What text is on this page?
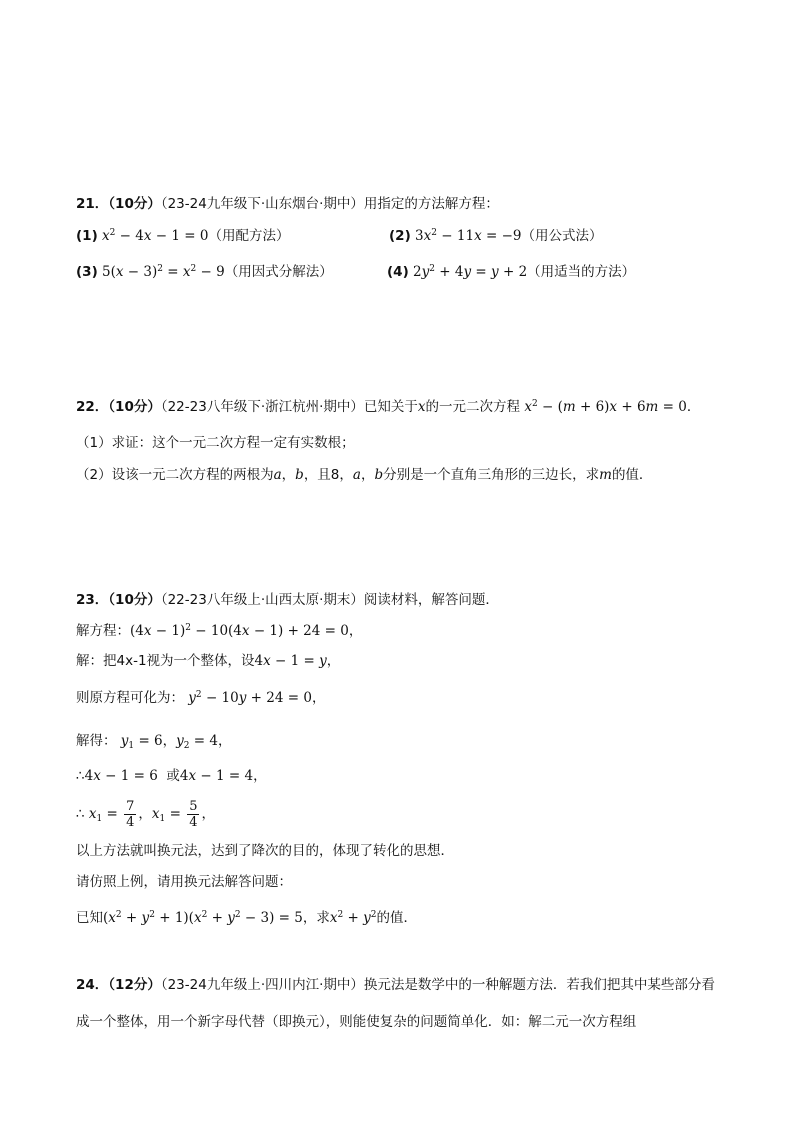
21．（10分）（23-24九年级下·山东烟台·期中）用指定的方法解方程：
(1) $x^2 - 4x - 1 = 0$（用配方法）	(2) $3x^2 - 11x = -9$（用公式法）
(3) $5(x - 3)^2 = x^2 - 9$（用因式分解法）	(4) $2y^2 + 4y = y + 2$（用适当的方法）
22．（10分）（22-23八年级下·浙江杭州·期中）已知关于x的一元二次方程 $x^2 - (m + 6)x + 6m = 0$．
（1）求证：这个一元二次方程一定有实数根；
（2）设该一元二次方程的两根为a，b，且8，a，b分别是一个直角三角形的三边长，求m的值．
23．（10分）（22-23八年级上·山西太原·期末）阅读材料，解答问题．
解方程：$(4x - 1)^2 - 10(4x - 1) + 24 = 0$，
解：把4x-1视为一个整体，设4x − 1 = y，
则原方程可化为： $y^2 - 10y + 24 = 0$，
解得： $y_1 = 6$，$y_2 = 4$，
∴4x − 1 = 6 或4x − 1 = 4，
∴ $x_1 = \frac{7}{4}$ ，$x_1 = \frac{5}{4}$ ，
以上方法就叫换元法，达到了降次的目的，体现了转化的思想．
请仿照上例，请用换元法解答问题：
已知$(x^2 + y^2 + 1)(x^2 + y^2 - 3) = 5$，求$x^2 + y^2$的值．
24．（12分）（23-24九年级上·四川内江·期中）换元法是数学中的一种解题方法．若我们把其中某些部分看
成一个整体，用一个新字母代替（即换元），则能使复杂的问题简单化．如：解二元一次方程组
